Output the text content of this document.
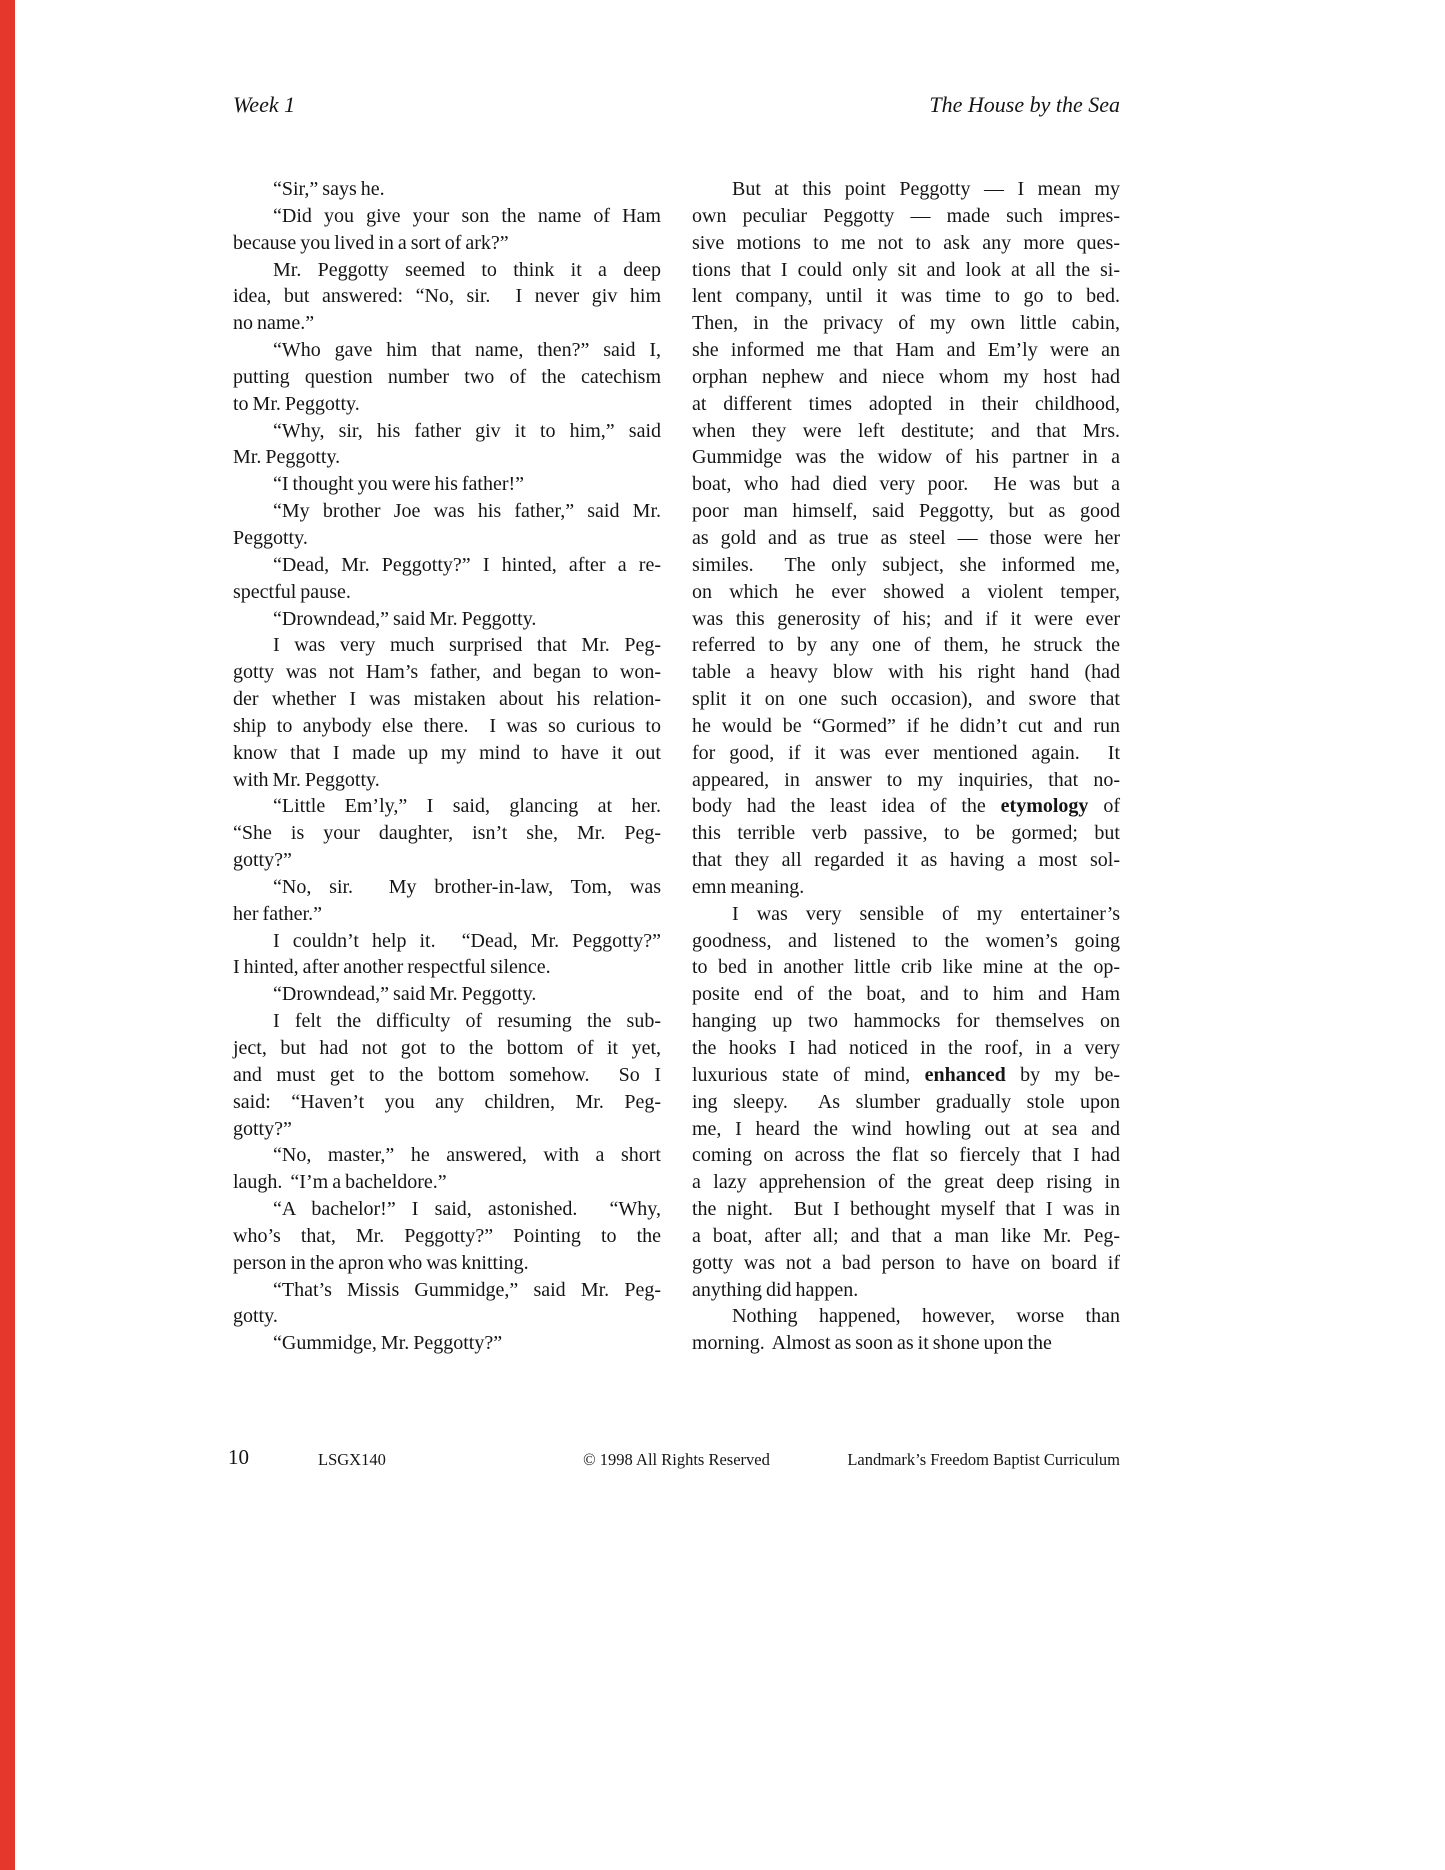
Week 1	The House by the Sea
“Sir,” says he.
“Did you give your son the name of Ham
because you lived in a sort of ark?”
Mr. Peggotty seemed to think it a deep
idea, but answered: “No, sir.  I never giv him
no name.”
“Who gave him that name, then?” said I,
putting question number two of the catechism
to Mr. Peggotty.
“Why, sir, his father giv it to him,” said
Mr. Peggotty.
“I thought you were his father!”
“My brother Joe was his father,” said Mr.
Peggotty.
“Dead, Mr. Peggotty?” I hinted, after a re-
spectful pause.
“Drowndead,” said Mr. Peggotty.
I was very much surprised that Mr. Peg-
gotty was not Ham’s father, and began to won-
der whether I was mistaken about his relation-
ship to anybody else there.  I was so curious to
know that I made up my mind to have it out
with Mr. Peggotty.
“Little Em’ly,” I said, glancing at her.
“She is your daughter, isn’t she, Mr. Peg-
gotty?”
“No, sir.  My brother-in-law, Tom, was
her father.”
I couldn’t help it.  “Dead, Mr. Peggotty?”
I hinted, after another respectful silence.
“Drowndead,” said Mr. Peggotty.
I felt the difficulty of resuming the sub-
ject, but had not got to the bottom of it yet,
and must get to the bottom somehow.  So I
said: “Haven’t you any children, Mr. Peg-
gotty?”
“No, master,” he answered, with a short
laugh.  “I’m a bacheldore.”
“A bachelor!” I said, astonished.  “Why,
who’s that, Mr. Peggotty?” Pointing to the
person in the apron who was knitting.
“That’s Missis Gummidge,” said Mr. Peg-
gotty.
“Gummidge, Mr. Peggotty?”
But at this point Peggotty — I mean my
own peculiar Peggotty — made such impres-
sive motions to me not to ask any more ques-
tions that I could only sit and look at all the si-
lent company, until it was time to go to bed.
Then, in the privacy of my own little cabin,
she informed me that Ham and Em’ly were an
orphan nephew and niece whom my host had
at different times adopted in their childhood,
when they were left destitute; and that Mrs.
Gummidge was the widow of his partner in a
boat, who had died very poor.  He was but a
poor man himself, said Peggotty, but as good
as gold and as true as steel — those were her
similes.  The only subject, she informed me,
on which he ever showed a violent temper,
was this generosity of his; and if it were ever
referred to by any one of them, he struck the
table a heavy blow with his right hand (had
split it on one such occasion), and swore that
he would be “Gormed” if he didn’t cut and run
for good, if it was ever mentioned again.  It
appeared, in answer to my inquiries, that no-
body had the least idea of the etymology of
this terrible verb passive, to be gormed; but
that they all regarded it as having a most sol-
emn meaning.
I was very sensible of my entertainer’s
goodness, and listened to the women’s going
to bed in another little crib like mine at the op-
posite end of the boat, and to him and Ham
hanging up two hammocks for themselves on
the hooks I had noticed in the roof, in a very
luxurious state of mind, enhanced by my be-
ing sleepy.  As slumber gradually stole upon
me, I heard the wind howling out at sea and
coming on across the flat so fiercely that I had
a lazy apprehension of the great deep rising in
the night.  But I bethought myself that I was in
a boat, after all; and that a man like Mr. Peg-
gotty was not a bad person to have on board if
anything did happen.
Nothing happened, however, worse than
morning.  Almost as soon as it shone upon the
10	LSGX140	© 1998 All Rights Reserved	Landmark’s Freedom Baptist Curriculum
